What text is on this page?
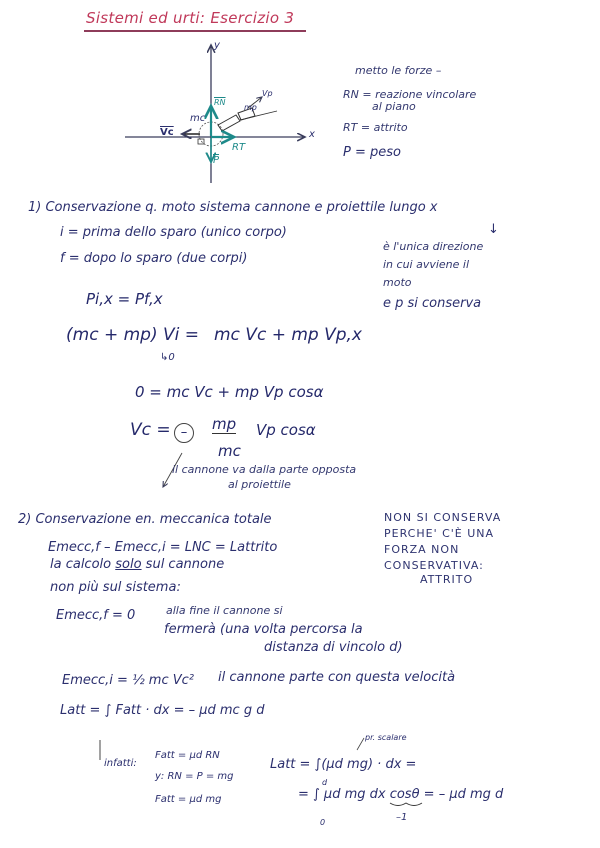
Sistemi ed urti: Esercizio 3
y
x
mc
mp
Vp
$\overline{Vc}$
$\overline{RN}$
RT
$\overline{P}$
metto le forze –
RN = reazione vincolare
al piano
RT = attrito
P = peso
1) Conservazione q. moto sistema cannone e proiettile lungo x
i = prima dello sparo (unico corpo)
f = dopo lo sparo (due corpi)
↓
è l'unica direzione
in cui avviene il
moto
e p si conserva
Pi,x = Pf,x
(mc + mp) Vi = mc Vc + mp Vp,x
↳0
0 = mc Vc + mp Vp cosα
Vc = –	mp
mc
Vp cosα
il cannone va dalla parte opposta
al proiettile
2) Conservazione en. meccanica totale	NON SI CONSERVA
PERCHE' C'È UNA
FORZA NON
CONSERVATIVA:
ATTRITO
Emecc,f – Emecc,i = LNC = Lattrito
la calcolo solo sul cannone
non più sul sistema:
Emecc,f = 0	alla fine il cannone si
fermerà (una volta percorsa la
distanza di vincolo d)
Emecc,i = ½ mc Vc² il cannone parte con questa velocità
Latt = ∫ Fatt · dx = – μd mc g d
infatti:
Fatt = μd RN
y: RN = P = mg
Fatt = μd mg
pr. scalare
Latt = ∫(μd mg) · dx =
d
= ∫ μd mg dx cosθ = – μd mg d
0	–1
